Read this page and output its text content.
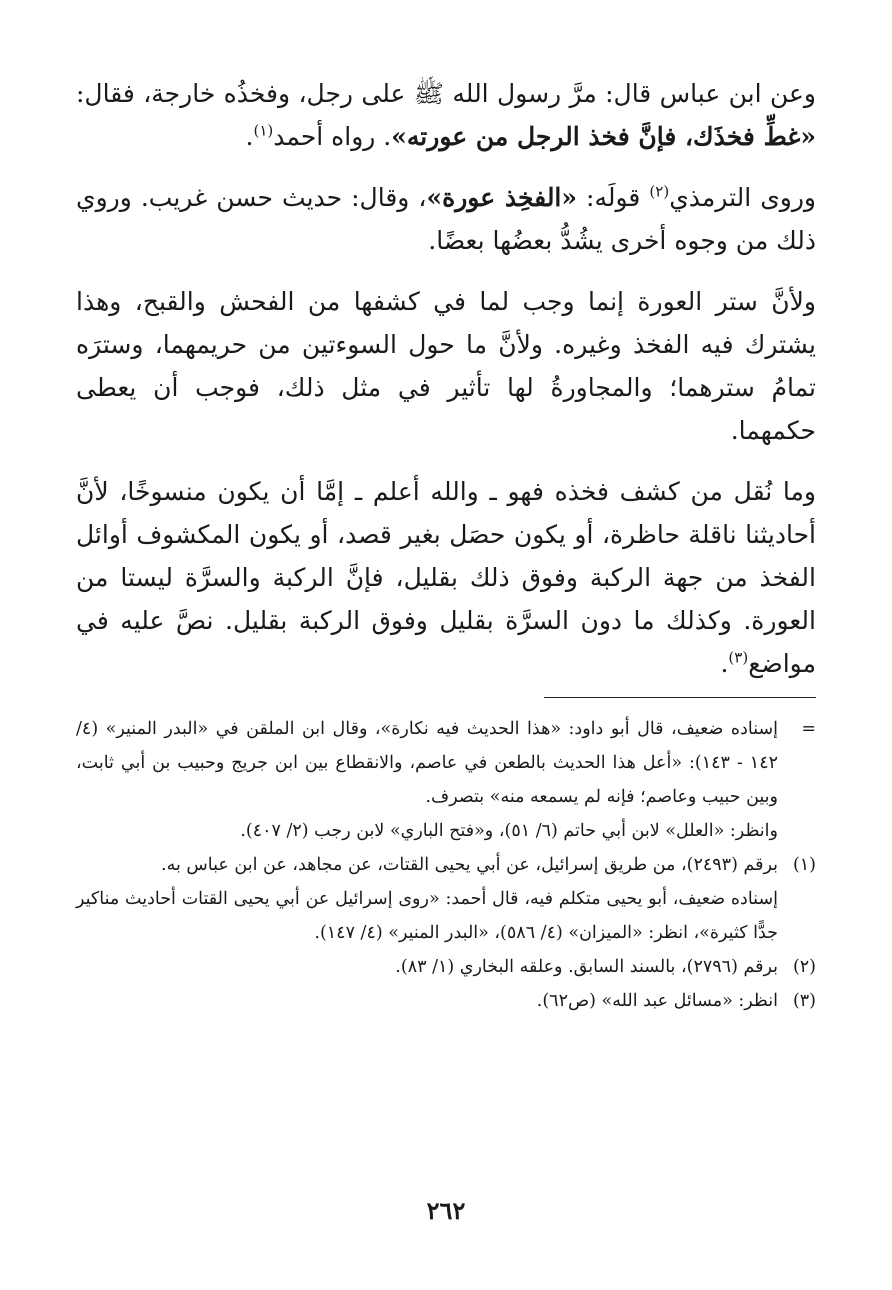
وعن ابن عباس قال: مرَّ رسول الله ﷺ على رجل، وفخذُه خارجة، فقال: «غطِّ فخذَك، فإنَّ فخذ الرجل من عورته». رواه أحمد$^{(١)}$.

وروى الترمذي$^{(٢)}$ قولَه: «الفخِذ عورة»، وقال: حديث حسن غريب. وروي ذلك من وجوه أخرى يشُدُّ بعضُها بعضًا.

ولأنَّ ستر العورة إنما وجب لما في كشفها من الفحش والقبح، وهذا يشترك فيه الفخذ وغيره. ولأنَّ ما حول السوءتين من حريمهما، وسترَه تمامُ سترهما؛ والمجاورةُ لها تأثير في مثل ذلك، فوجب أن يعطى حكمهما.

وما نُقل من كشف فخذه فهو ـ والله أعلم ـ إمَّا أن يكون منسوخًا، لأنَّ أحاديثنا ناقلة حاظرة، أو يكون حصَل بغير قصد، أو يكون المكشوف أوائل الفخذ من جهة الركبة وفوق ذلك بقليل، فإنَّ الركبة والسرَّة ليستا من العورة. وكذلك ما دون السرَّة بقليل وفوق الركبة بقليل. نصَّ عليه في مواضع$^{(٣)}$.

=
إسناده ضعيف، قال أبو داود: «هذا الحديث فيه نكارة»، وقال ابن الملقن في «البدر المنير» (٤/ ١٤٢ - ١٤٣): «أعل هذا الحديث بالطعن في عاصم، والانقطاع بين ابن جريج وحبيب بن أبي ثابت، وبين حبيب وعاصم؛ فإنه لم يسمعه منه» بتصرف.
وانظر: «العلل» لابن أبي حاتم (٦/ ٥١)، و«فتح الباري» لابن رجب (٢/ ٤٠٧).
(١)
برقم (٢٤٩٣)، من طريق إسرائيل، عن أبي يحيى القتات، عن مجاهد، عن ابن عباس به.
إسناده ضعيف، أبو يحيى متكلم فيه، قال أحمد: «روى إسرائيل عن أبي يحيى القتات أحاديث مناكير جدًّا كثيرة»، انظر: «الميزان» (٤/ ٥٨٦)، «البدر المنير» (٤/ ١٤٧).
(٢)
برقم (٢٧٩٦)، بالسند السابق. وعلقه البخاري (١/ ٨٣).
(٣)
انظر: «مسائل عبد الله» (ص٦٢).
٢٦٢
